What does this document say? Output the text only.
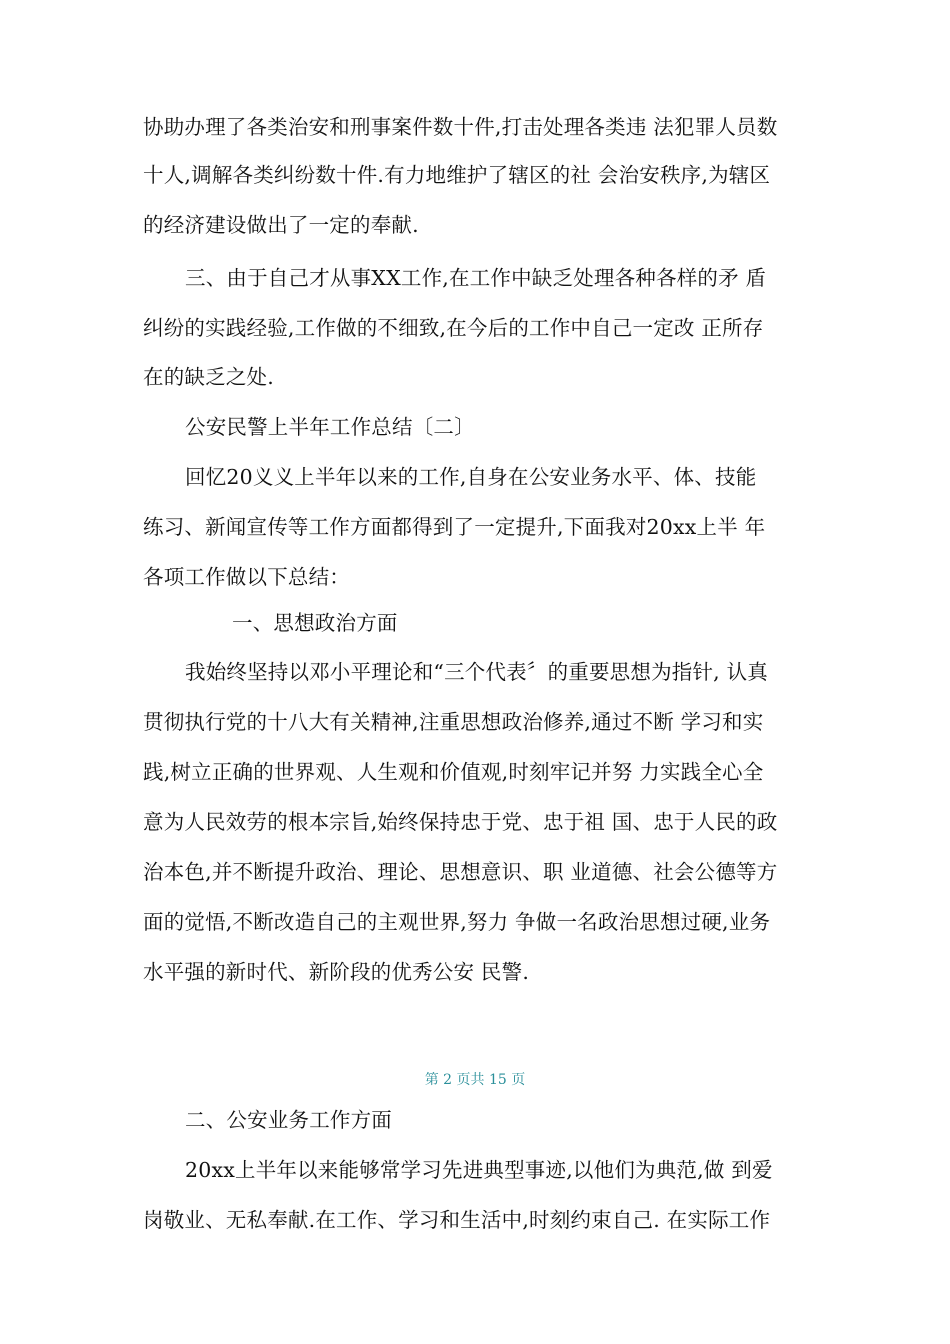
协助办理了各类治安和刑事案件数十件,打击处理各类违 法犯罪人员数
十人,调解各类纠纷数十件.有力地维护了辖区的社 会治安秩序,为辖区
的经济建设做出了一定的奉献.
三、由于自己才从事XX工作,在工作中缺乏处理各种各样的矛 盾
纠纷的实践经验,工作做的不细致,在今后的工作中自己一定改 正所存
在的缺乏之处.
公安民警上半年工作总结〔二〕
回忆20义义上半年以来的工作,自身在公安业务水平、体、技能
练习、新闻宣传等工作方面都得到了一定提升,下面我对20xx上半 年
各项工作做以下总结：
一、思想政治方面
我始终坚持以邓小平理论和“三个代表〞的重要思想为指针, 认真
贯彻执行党的十八大有关精神,注重思想政治修养,通过不断 学习和实
践,树立正确的世界观、人生观和价值观,时刻牢记并努 力实践全心全
意为人民效劳的根本宗旨,始终保持忠于党、忠于祖 国、忠于人民的政
治本色,并不断提升政治、理论、思想意识、职 业道德、社会公德等方
面的觉悟,不断改造自己的主观世界,努力 争做一名政治思想过硬,业务
水平强的新时代、新阶段的优秀公安 民警.
第 2 页共 15 页
二、公安业务工作方面
20xx上半年以来能够常学习先进典型事迹,以他们为典范,做 到爱
岗敬业、无私奉献.在工作、学习和生活中,时刻约束自己. 在实际工作
